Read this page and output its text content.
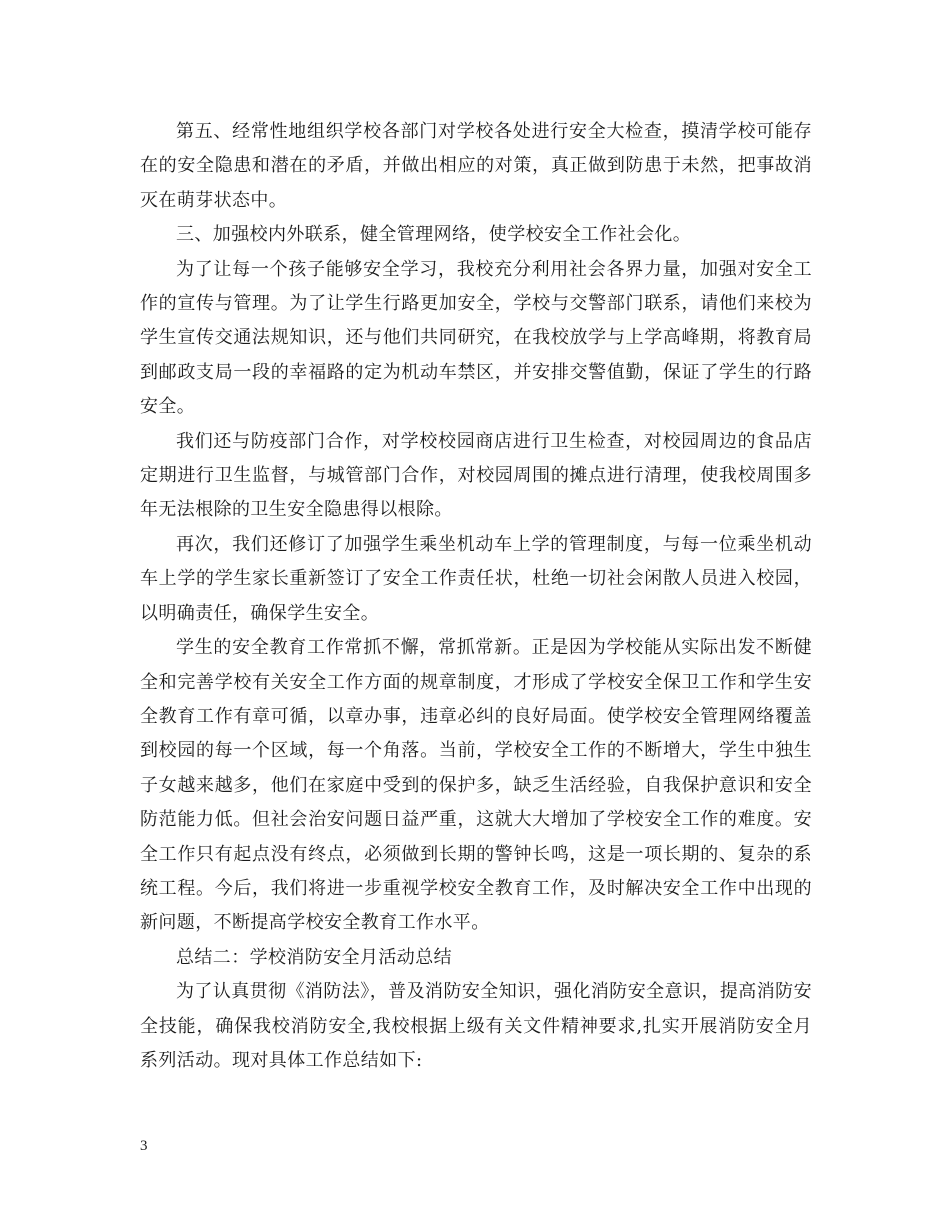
第五、经常性地组织学校各部门对学校各处进行安全大检查，摸清学校可能存在的安全隐患和潜在的矛盾，并做出相应的对策，真正做到防患于未然，把事故消灭在萌芽状态中。

三、加强校内外联系，健全管理网络，使学校安全工作社会化。

为了让每一个孩子能够安全学习，我校充分利用社会各界力量，加强对安全工作的宣传与管理。为了让学生行路更加安全，学校与交警部门联系，请他们来校为学生宣传交通法规知识，还与他们共同研究，在我校放学与上学高峰期，将教育局到邮政支局一段的幸福路的定为机动车禁区，并安排交警值勤，保证了学生的行路安全。

我们还与防疫部门合作，对学校校园商店进行卫生检查，对校园周边的食品店定期进行卫生监督，与城管部门合作，对校园周围的摊点进行清理，使我校周围多年无法根除的卫生安全隐患得以根除。

再次，我们还修订了加强学生乘坐机动车上学的管理制度，与每一位乘坐机动车上学的学生家长重新签订了安全工作责任状，杜绝一切社会闲散人员进入校园，以明确责任，确保学生安全。

学生的安全教育工作常抓不懈，常抓常新。正是因为学校能从实际出发不断健全和完善学校有关安全工作方面的规章制度，才形成了学校安全保卫工作和学生安全教育工作有章可循，以章办事，违章必纠的良好局面。使学校安全管理网络覆盖到校园的每一个区域，每一个角落。当前，学校安全工作的不断增大，学生中独生子女越来越多，他们在家庭中受到的保护多，缺乏生活经验，自我保护意识和安全防范能力低。但社会治安问题日益严重，这就大大增加了学校安全工作的难度。安全工作只有起点没有终点，必须做到长期的警钟长鸣，这是一项长期的、复杂的系统工程。今后，我们将进一步重视学校安全教育工作，及时解决安全工作中出现的新问题，不断提高学校安全教育工作水平。

总结二：学校消防安全月活动总结

为了认真贯彻《消防法》，普及消防安全知识，强化消防安全意识，提高消防安全技能，确保我校消防安全,我校根据上级有关文件精神要求,扎实开展消防安全月系列活动。现对具体工作总结如下:

3
